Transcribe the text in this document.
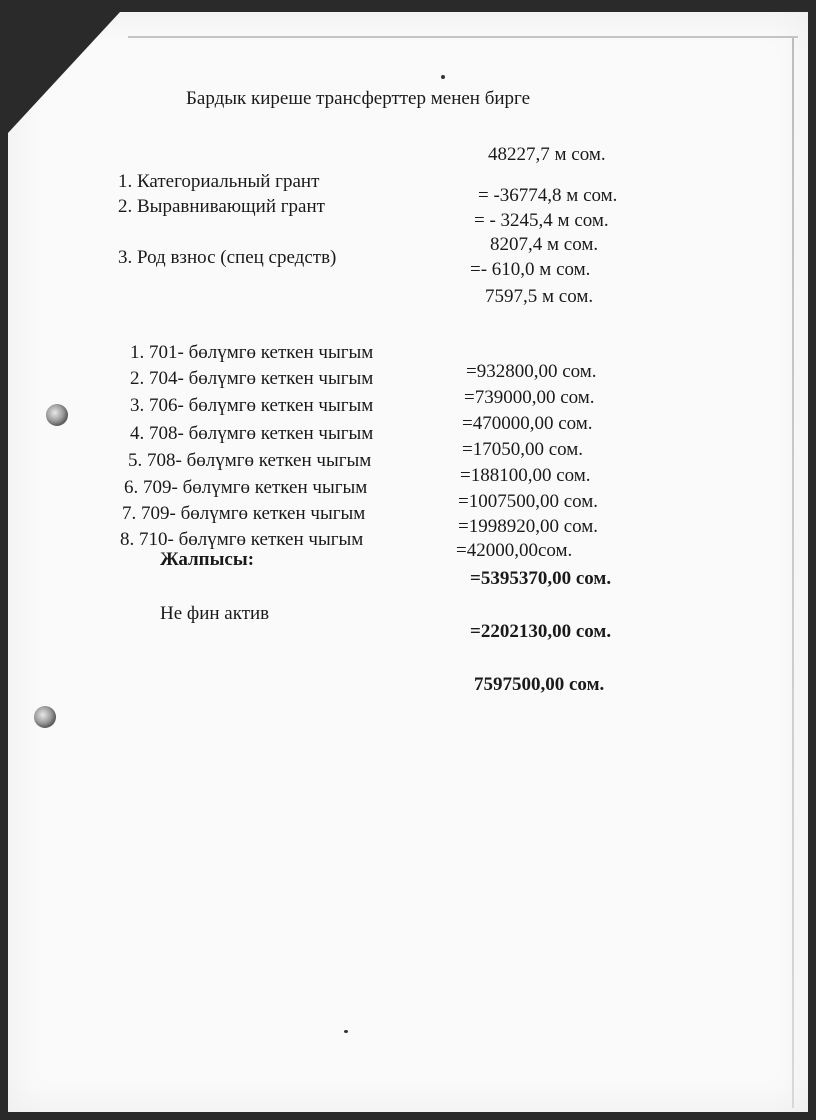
Бардык киреше трансферттер менен бирге
48227,7 м сом.
1. Категориальный грант
= -36774,8 м сом.
2. Выравнивающий грант
= - 3245,4 м сом.
8207,4 м сом.
3. Род взнос (спец средств)
=- 610,0 м сом.
7597,5 м сом.
1. 701- бөлүмгө кеткен чыгым
=932800,00 сом.
2. 704- бөлүмгө кеткен чыгым
=739000,00 сом.
3. 706- бөлүмгө кеткен чыгым
=470000,00 сом.
4. 708- бөлүмгө кеткен чыгым
=17050,00 сом.
5. 708- бөлүмгө кеткен чыгым
=188100,00 сом.
6. 709- бөлүмгө кеткен чыгым
=1007500,00 сом.
7. 709- бөлүмгө кеткен чыгым
=1998920,00 сом.
8. 710- бөлүмгө кеткен чыгым
=42000,00сом.
Жалпысы:
=5395370,00 сом.
Не фин актив
=2202130,00 сом.
7597500,00 сом.
